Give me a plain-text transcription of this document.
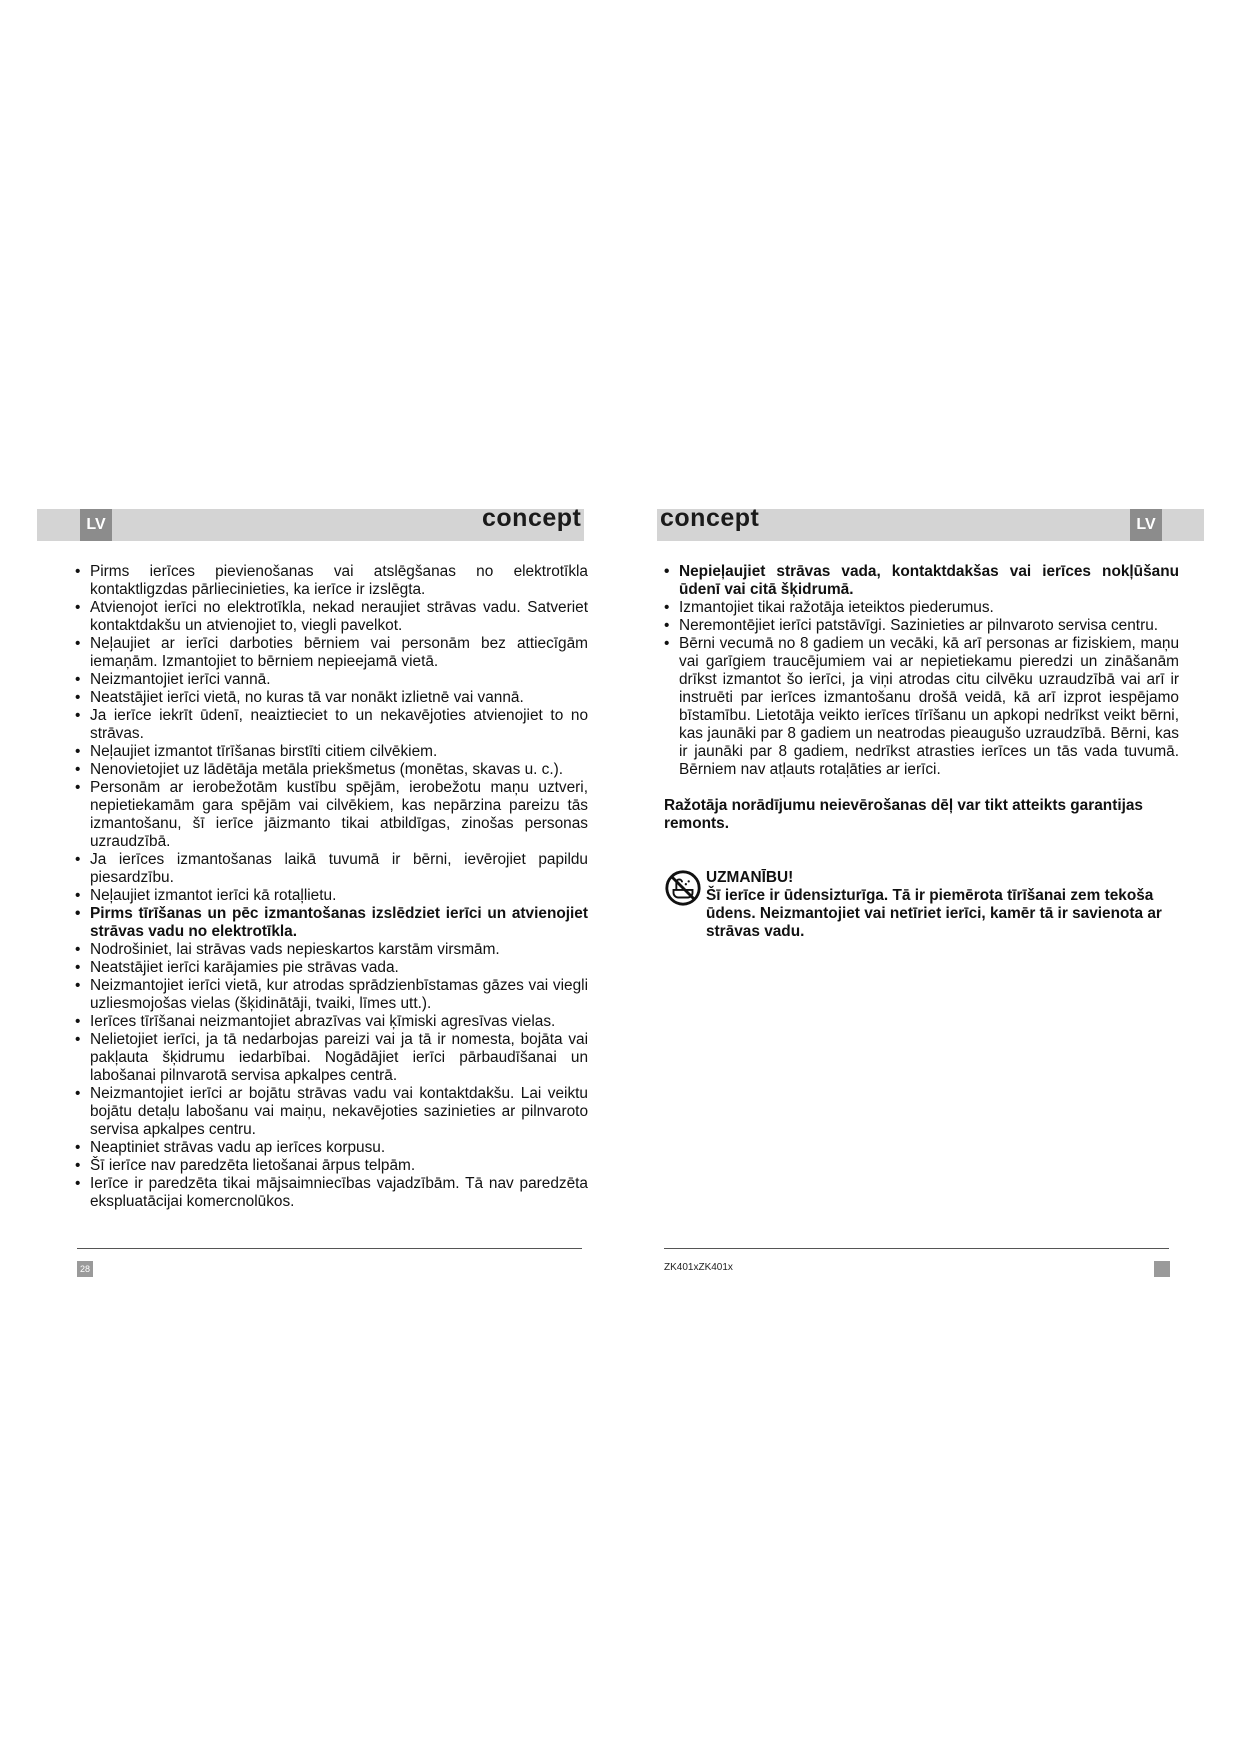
LV	LV
concept	concept
• Pirms ierīces pievienošanas vai atslēgšanas no elektrotīkla kontaktligzdas pārliecinieties, ka ierīce ir izslēgta.
• Atvienojot ierīci no elektrotīkla, nekad neraujiet strāvas vadu. Satveriet kontaktdakšu un atvienojiet to, viegli pavelkot.
• Neļaujiet ar ierīci darboties bērniem vai personām bez attiecīgām iemaņām. Izmantojiet to bērniem nepieejamā vietā.
• Neizmantojiet ierīci vannā.
• Neatstājiet ierīci vietā, no kuras tā var nonākt izlietnē vai vannā.
• Ja ierīce iekrīt ūdenī, neaiztieciet to un nekavējoties atvienojiet to no strāvas.
• Neļaujiet izmantot tīrīšanas birstīti citiem cilvēkiem.
• Nenovietojiet uz lādētāja metāla priekšmetus (monētas, skavas u. c.).
• Personām ar ierobežotām kustību spējām, ierobežotu maņu uztveri, nepietiekamām gara spējām vai cilvēkiem, kas nepārzina pareizu tās izmantošanu, šī ierīce jāizmanto tikai atbildīgas, zinošas personas uzraudzībā.
• Ja ierīces izmantošanas laikā tuvumā ir bērni, ievērojiet papildu piesardzību.
• Neļaujiet izmantot ierīci kā rotaļlietu.
• Pirms tīrīšanas un pēc izmantošanas izslēdziet ierīci un atvienojiet strāvas vadu no elektrotīkla.
• Nodrošiniet, lai strāvas vads nepieskartos karstām virsmām.
• Neatstājiet ierīci karājamies pie strāvas vada.
• Neizmantojiet ierīci vietā, kur atrodas sprādzienbīstamas gāzes vai viegli uzliesmojošas vielas (šķidinātāji, tvaiki, līmes utt.).
• Ierīces tīrīšanai neizmantojiet abrazīvas vai ķīmiski agresīvas vielas.
• Nelietojiet ierīci, ja tā nedarbojas pareizi vai ja tā ir nomesta, bojāta vai pakļauta šķidrumu iedarbībai. Nogādājiet ierīci pārbaudīšanai un labošanai pilnvarotā servisa apkalpes centrā.
• Neizmantojiet ierīci ar bojātu strāvas vadu vai kontaktdakšu. Lai veiktu bojātu detaļu labošanu vai maiņu, nekavējoties sazinieties ar pilnvaroto servisa apkalpes centru.
• Neaptiniet strāvas vadu ap ierīces korpusu.
• Šī ierīce nav paredzēta lietošanai ārpus telpām.
• Ierīce ir paredzēta tikai mājsaimniecības vajadzībām. Tā nav paredzēta ekspluatācijai komercnolūkos.
• Nepieļaujiet strāvas vada, kontaktdakšas vai ierīces nokļūšanu ūdenī vai citā šķidrumā.
• Izmantojiet tikai ražotāja ieteiktos piederumus.
• Neremontējiet ierīci patstāvīgi. Sazinieties ar pilnvaroto servisa centru.
• Bērni vecumā no 8 gadiem un vecāki, kā arī personas ar fiziskiem, maņu vai garīgiem traucējumiem vai ar nepietiekamu pieredzi un zināšanām drīkst izmantot šo ierīci, ja viņi atrodas citu cilvēku uzraudzībā vai arī ir instruēti par ierīces izmantošanu drošā veidā, kā arī izprot iespējamo bīstamību. Lietotāja veikto ierīces tīrīšanu un apkopi nedrīkst veikt bērni, kas jaunāki par 8 gadiem un neatrodas pieaugušo uzraudzībā. Bērni, kas ir jaunāki par 8 gadiem, nedrīkst atrasties ierīces un tās vada tuvumā. Bērniem nav atļauts rotaļāties ar ierīci.
Ražotāja norādījumu neievērošanas dēļ var tikt atteikts garantijas remonts.
UZMANĪBU!
Šī ierīce ir ūdensizturīga. Tā ir piemērota tīrīšanai zem tekoša ūdens. Neizmantojiet vai netīriet ierīci, kamēr tā ir savienota ar strāvas vadu.
28	ZK401xZK401x
